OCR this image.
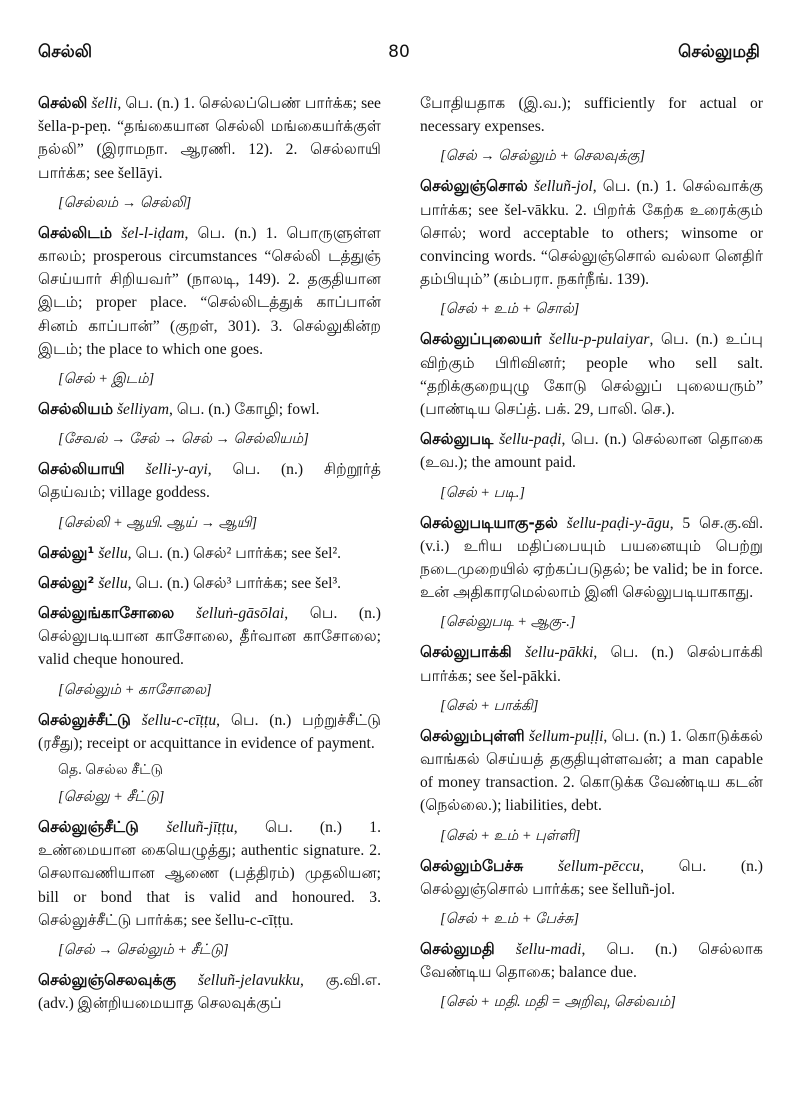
செல்லி	80	செல்லுமதி
செல்லி šelli, பெ. (n.) 1. செல்லப்பெண் பார்க்க; see šella-p-peṇ. “தங்கையான செல்லி மங்கையர்க்குள் நல்லி” (இராமநா. ஆரணி. 12). 2. செல்லாயி பார்க்க; see šellāyi.
[செல்லம் → செல்லி]
செல்லிடம் šel-l-iḍam, பெ. (n.) 1. பொருளுள்ள காலம்; prosperous circumstances “செல்லி டத்துஞ் செய்யார் சிறியவர்” (நாலடி, 149). 2. தகுதியான இடம்; proper place. “செல்லிடத்துக் காப்பான் சினம் காப்பான்” (குறள், 301). 3. செல்லுகின்ற இடம்; the place to which one goes.
[செல் + இடம்]
செல்லியம் šelliyam, பெ. (n.) கோழி; fowl.
[சேவல் → சேல் → செல் → செல்லியம்]
செல்லியாயி šelli-y-ayi, பெ. (n.) சிற்றூர்த் தெய்வம்; village goddess.
[செல்லி + ஆயி. ஆய் → ஆயி]
செல்லு¹ šellu, பெ. (n.) செல்² பார்க்க; see šel².
செல்லு² šellu, பெ. (n.) செல்³ பார்க்க; see šel³.
செல்லுங்காசோலை šelluṅ-gāsōlai, பெ. (n.) செல்லுபடியான காசோலை, தீர்வான காசோலை; valid cheque honoured.
[செல்லும் + காசோலை]
செல்லுச்சீட்டு šellu-c-cīṭṭu, பெ. (n.) பற்றுச்சீட்டு (ரசீது); receipt or acquittance in evidence of payment.
தெ. செல்ல சீட்டு
[செல்லு + சீட்டு]
செல்லுஞ்சீட்டு šelluñ-jīṭṭu, பெ. (n.) 1. உண்மையான கையெழுத்து; authentic signature. 2. செலாவணியான ஆணை (பத்திரம்) முதலியன; bill or bond that is valid and honoured. 3. செல்லுச்சீட்டு பார்க்க; see šellu-c-cīṭṭu.
[செல் → செல்லும் + சீட்டு]
செல்லுஞ்செலவுக்கு šelluñ-jelavukku, கு.வி.எ. (adv.) இன்றியமையாத செலவுக்குப்
போதியதாக (இ.வ.); sufficiently for actual or necessary expenses.
[செல் → செல்லும் + செலவுக்கு]
செல்லுஞ்சொல் šelluñ-jol, பெ. (n.) 1. செல்வாக்கு பார்க்க; see šel-vākku. 2. பிறர்க் கேற்க உரைக்கும் சொல்; word acceptable to others; winsome or convincing words. “செல்லுஞ்சொல் வல்லா னெதிர் தம்பியும்” (கம்பரா. நகர்நீங். 139).
[செல் + உம் + சொல்]
செல்லுப்புலையர் šellu-p-pulaiyar, பெ. (n.) உப்பு விற்கும் பிரிவினர்; people who sell salt. “தறிக்குறையுழு கோடு செல்லுப் புலையரும்” (பாண்டிய செப்த். பக். 29, பாலி. செ.).
செல்லுபடி šellu-paḍi, பெ. (n.) செல்லான தொகை (உவ.); the amount paid.
[செல் + படி.]
செல்லுபடியாகு-தல் šellu-paḍi-y-āgu, 5 செ.கு.வி. (v.i.) உரிய மதிப்பையும் பயனையும் பெற்று நடைமுறையில் ஏற்கப்படுதல்; be valid; be in force. உன் அதிகாரமெல்லாம் இனி செல்லுபடியாகாது.
[செல்லுபடி + ஆகு-.]
செல்லுபாக்கி šellu-pākki, பெ. (n.) செல்பாக்கி பார்க்க; see šel-pākki.
[செல் + பாக்கி]
செல்லும்புள்ளி šellum-puḷḷi, பெ. (n.) 1. கொடுக்கல் வாங்கல் செய்யத் தகுதியுள்ளவன்; a man capable of money transaction. 2. கொடுக்க வேண்டிய கடன் (நெல்லை.); liabilities, debt.
[செல் + உம் + புள்ளி]
செல்லும்பேச்சு šellum-pēccu, பெ. (n.) செல்லுஞ்சொல் பார்க்க; see šelluñ-jol.
[செல் + உம் + பேச்சு]
செல்லுமதி šellu-madi, பெ. (n.) செல்லாக வேண்டிய தொகை; balance due.
[செல் + மதி. மதி = அறிவு, செல்வம்]
